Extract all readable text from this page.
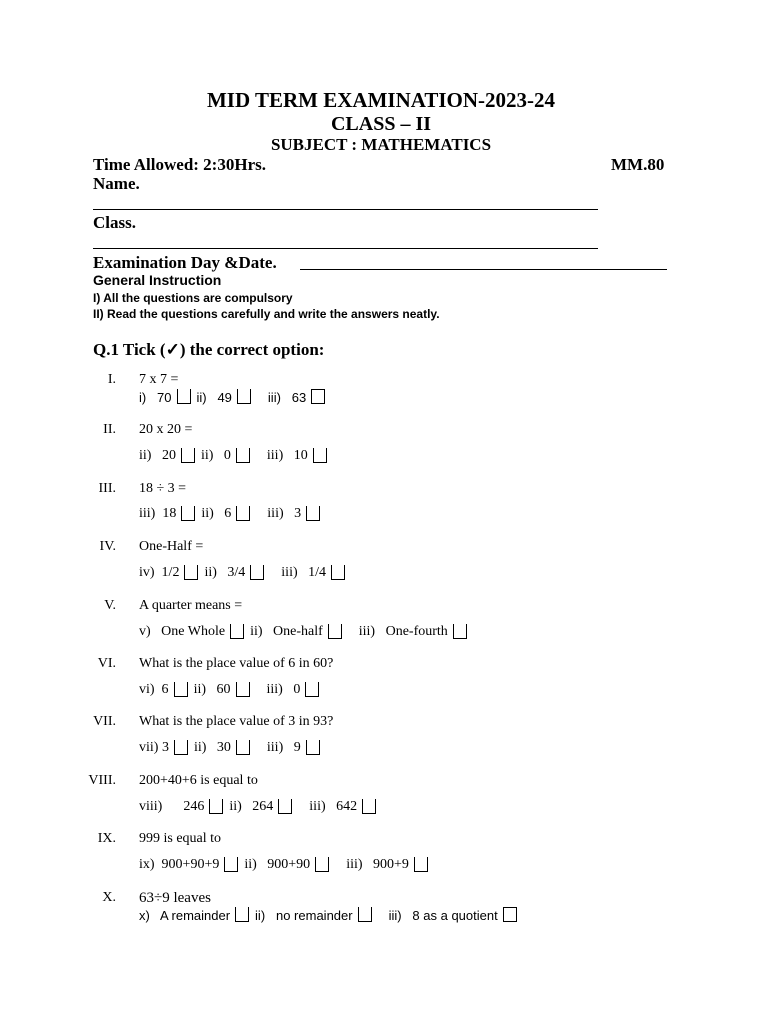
MID TERM EXAMINATION-2023-24
CLASS – II
SUBJECT : MATHEMATICS
Time Allowed: 2:30Hrs.	MM.80
Name.
Class.
Examination Day &Date.
General Instruction
I) All the questions are compulsory
II) Read the questions carefully and write the answers neatly.
Q.1 Tick (✓) the correct option:
I. 7 x 7 =
i)   70 ii)   49	iii)   63
II. 20 x 20 =
ii)   20 ii)   0	iii)   10
III. 18 ÷ 3 =
iii)  18 ii)   6	iii)   3
IV. One-Half =
iv)  1/2 ii)   3/4	iii)   1/4
V. A quarter means =
v)   One Whole ii)   One-half	iii)   One-fourth
VI. What is the place value of 6 in 60?
vi)  6 ii)   60	iii)   0
VII. What is the place value of 3 in 93?
vii) 3 ii)   30	iii)   9
VIII. 200+40+6 is equal to
viii)      246 ii)   264	iii)   642
IX. 999 is equal to
ix)  900+90+9 ii)   900+90	iii)   900+9
X. 63÷9 leaves
x)   A remainder ii)   no remainder	iii)   8 as a quotient
